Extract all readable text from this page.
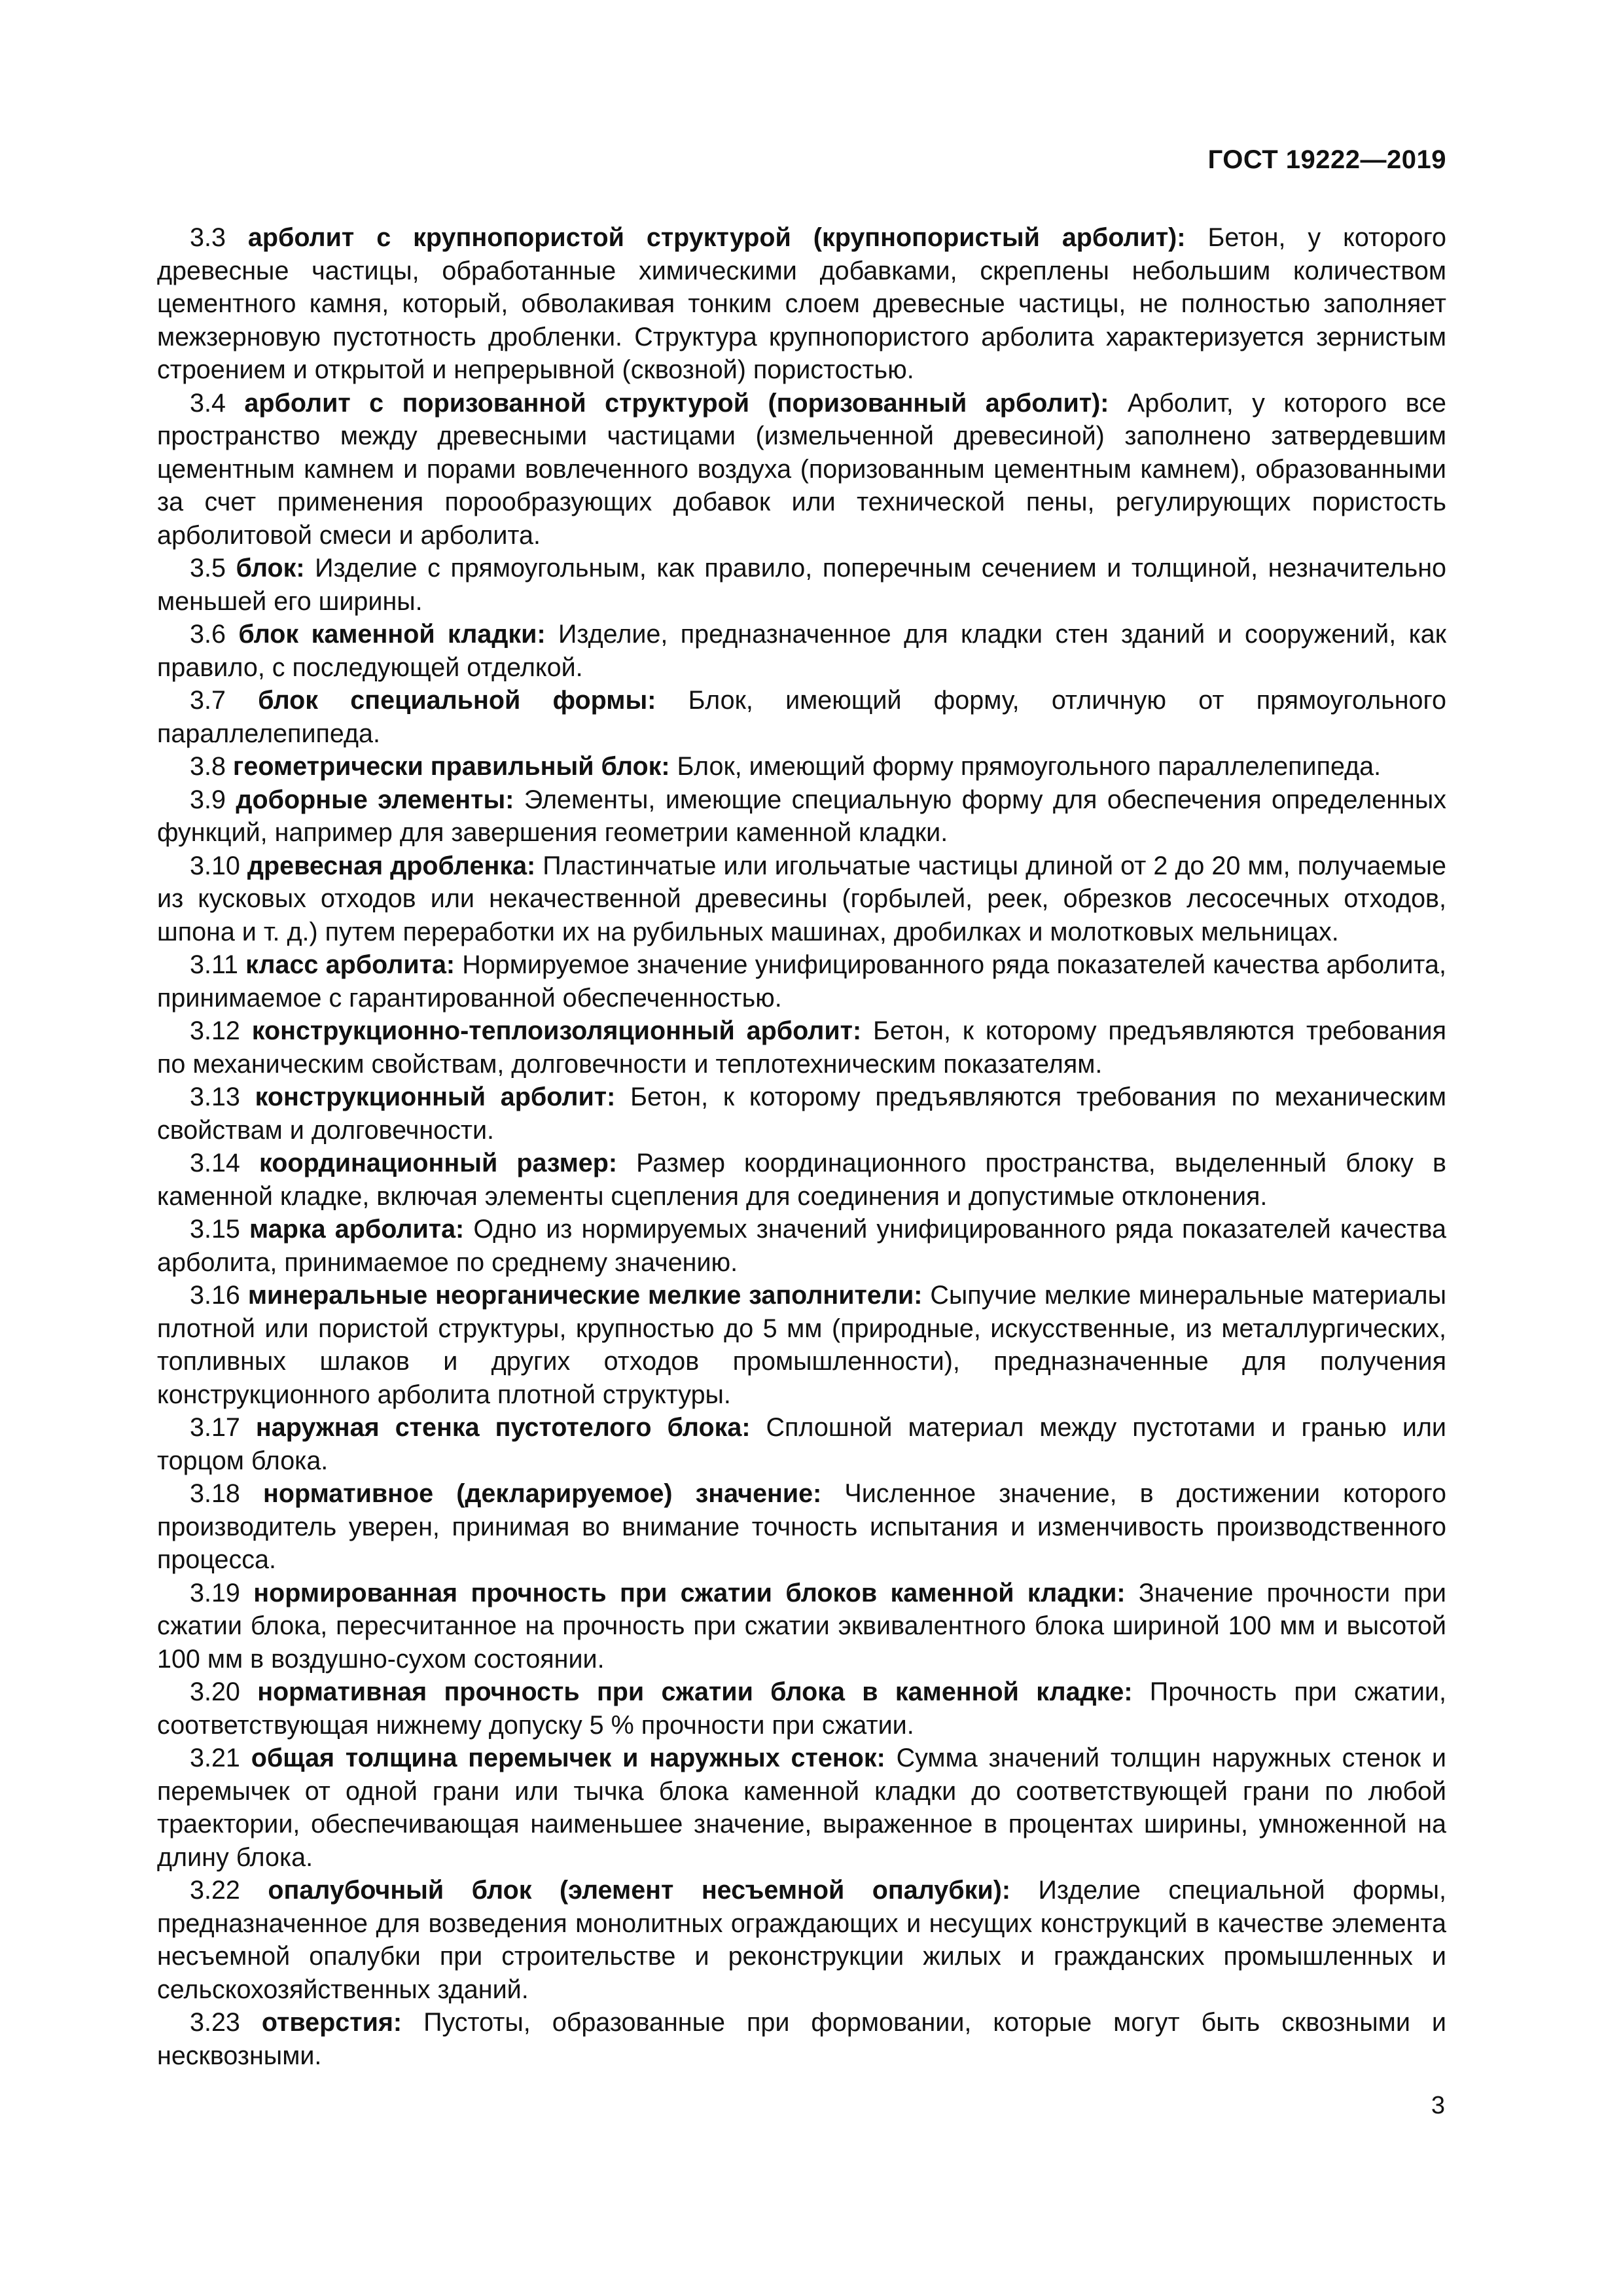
ГОСТ 19222—2019

3.3 арболит с крупнопористой структурой (крупнопористый арболит): Бетон, у которого древесные частицы, обработанные химическими добавками, скреплены небольшим количеством цементного камня, который, обволакивая тонким слоем древесные частицы, не полностью заполняет межзерновую пустотность дробленки. Структура крупнопористого арболита характеризуется зернистым строением и открытой и непрерывной (сквозной) пористостью.

3.4 арболит с поризованной структурой (поризованный арболит): Арболит, у которого все пространство между древесными частицами (измельченной древесиной) заполнено затвердевшим цементным камнем и порами вовлеченного воздуха (поризованным цементным камнем), образованными за счет применения порообразующих добавок или технической пены, регулирующих пористость арболитовой смеси и арболита.

3.5 блок: Изделие с прямоугольным, как правило, поперечным сечением и толщиной, незначительно меньшей его ширины.

3.6 блок каменной кладки: Изделие, предназначенное для кладки стен зданий и сооружений, как правило, с последующей отделкой.

3.7 блок специальной формы: Блок, имеющий форму, отличную от прямоугольного параллелепипеда.

3.8 геометрически правильный блок: Блок, имеющий форму прямоугольного параллелепипеда.

3.9 доборные элементы: Элементы, имеющие специальную форму для обеспечения определенных функций, например для завершения геометрии каменной кладки.

3.10 древесная дробленка: Пластинчатые или игольчатые частицы длиной от 2 до 20 мм, получаемые из кусковых отходов или некачественной древесины (горбылей, реек, обрезков лесосечных отходов, шпона и т. д.) путем переработки их на рубильных машинах, дробилках и молотковых мельницах.

3.11 класс арболита: Нормируемое значение унифицированного ряда показателей качества арболита, принимаемое с гарантированной обеспеченностью.

3.12 конструкционно-теплоизоляционный арболит: Бетон, к которому предъявляются требования по механическим свойствам, долговечности и теплотехническим показателям.

3.13 конструкционный арболит: Бетон, к которому предъявляются требования по механическим свойствам и долговечности.

3.14 координационный размер: Размер координационного пространства, выделенный блоку в каменной кладке, включая элементы сцепления для соединения и допустимые отклонения.

3.15 марка арболита: Одно из нормируемых значений унифицированного ряда показателей качества арболита, принимаемое по среднему значению.

3.16 минеральные неорганические мелкие заполнители: Сыпучие мелкие минеральные материалы плотной или пористой структуры, крупностью до 5 мм (природные, искусственные, из металлургических, топливных шлаков и других отходов промышленности), предназначенные для получения конструкционного арболита плотной структуры.

3.17 наружная стенка пустотелого блока: Сплошной материал между пустотами и гранью или торцом блока.

3.18 нормативное (декларируемое) значение: Численное значение, в достижении которого производитель уверен, принимая во внимание точность испытания и изменчивость производственного процесса.

3.19 нормированная прочность при сжатии блоков каменной кладки: Значение прочности при сжатии блока, пересчитанное на прочность при сжатии эквивалентного блока шириной 100 мм и высотой 100 мм в воздушно-сухом состоянии.

3.20 нормативная прочность при сжатии блока в каменной кладке: Прочность при сжатии, соответствующая нижнему допуску 5 % прочности при сжатии.

3.21 общая толщина перемычек и наружных стенок: Сумма значений толщин наружных стенок и перемычек от одной грани или тычка блока каменной кладки до соответствующей грани по любой траектории, обеспечивающая наименьшее значение, выраженное в процентах ширины, умноженной на длину блока.

3.22 опалубочный блок (элемент несъемной опалубки): Изделие специальной формы, предназначенное для возведения монолитных ограждающих и несущих конструкций в качестве элемента несъемной опалубки при строительстве и реконструкции жилых и гражданских промышленных и сельскохозяйственных зданий.

3.23 отверстия: Пустоты, образованные при формовании, которые могут быть сквозными и несквозными.

3
